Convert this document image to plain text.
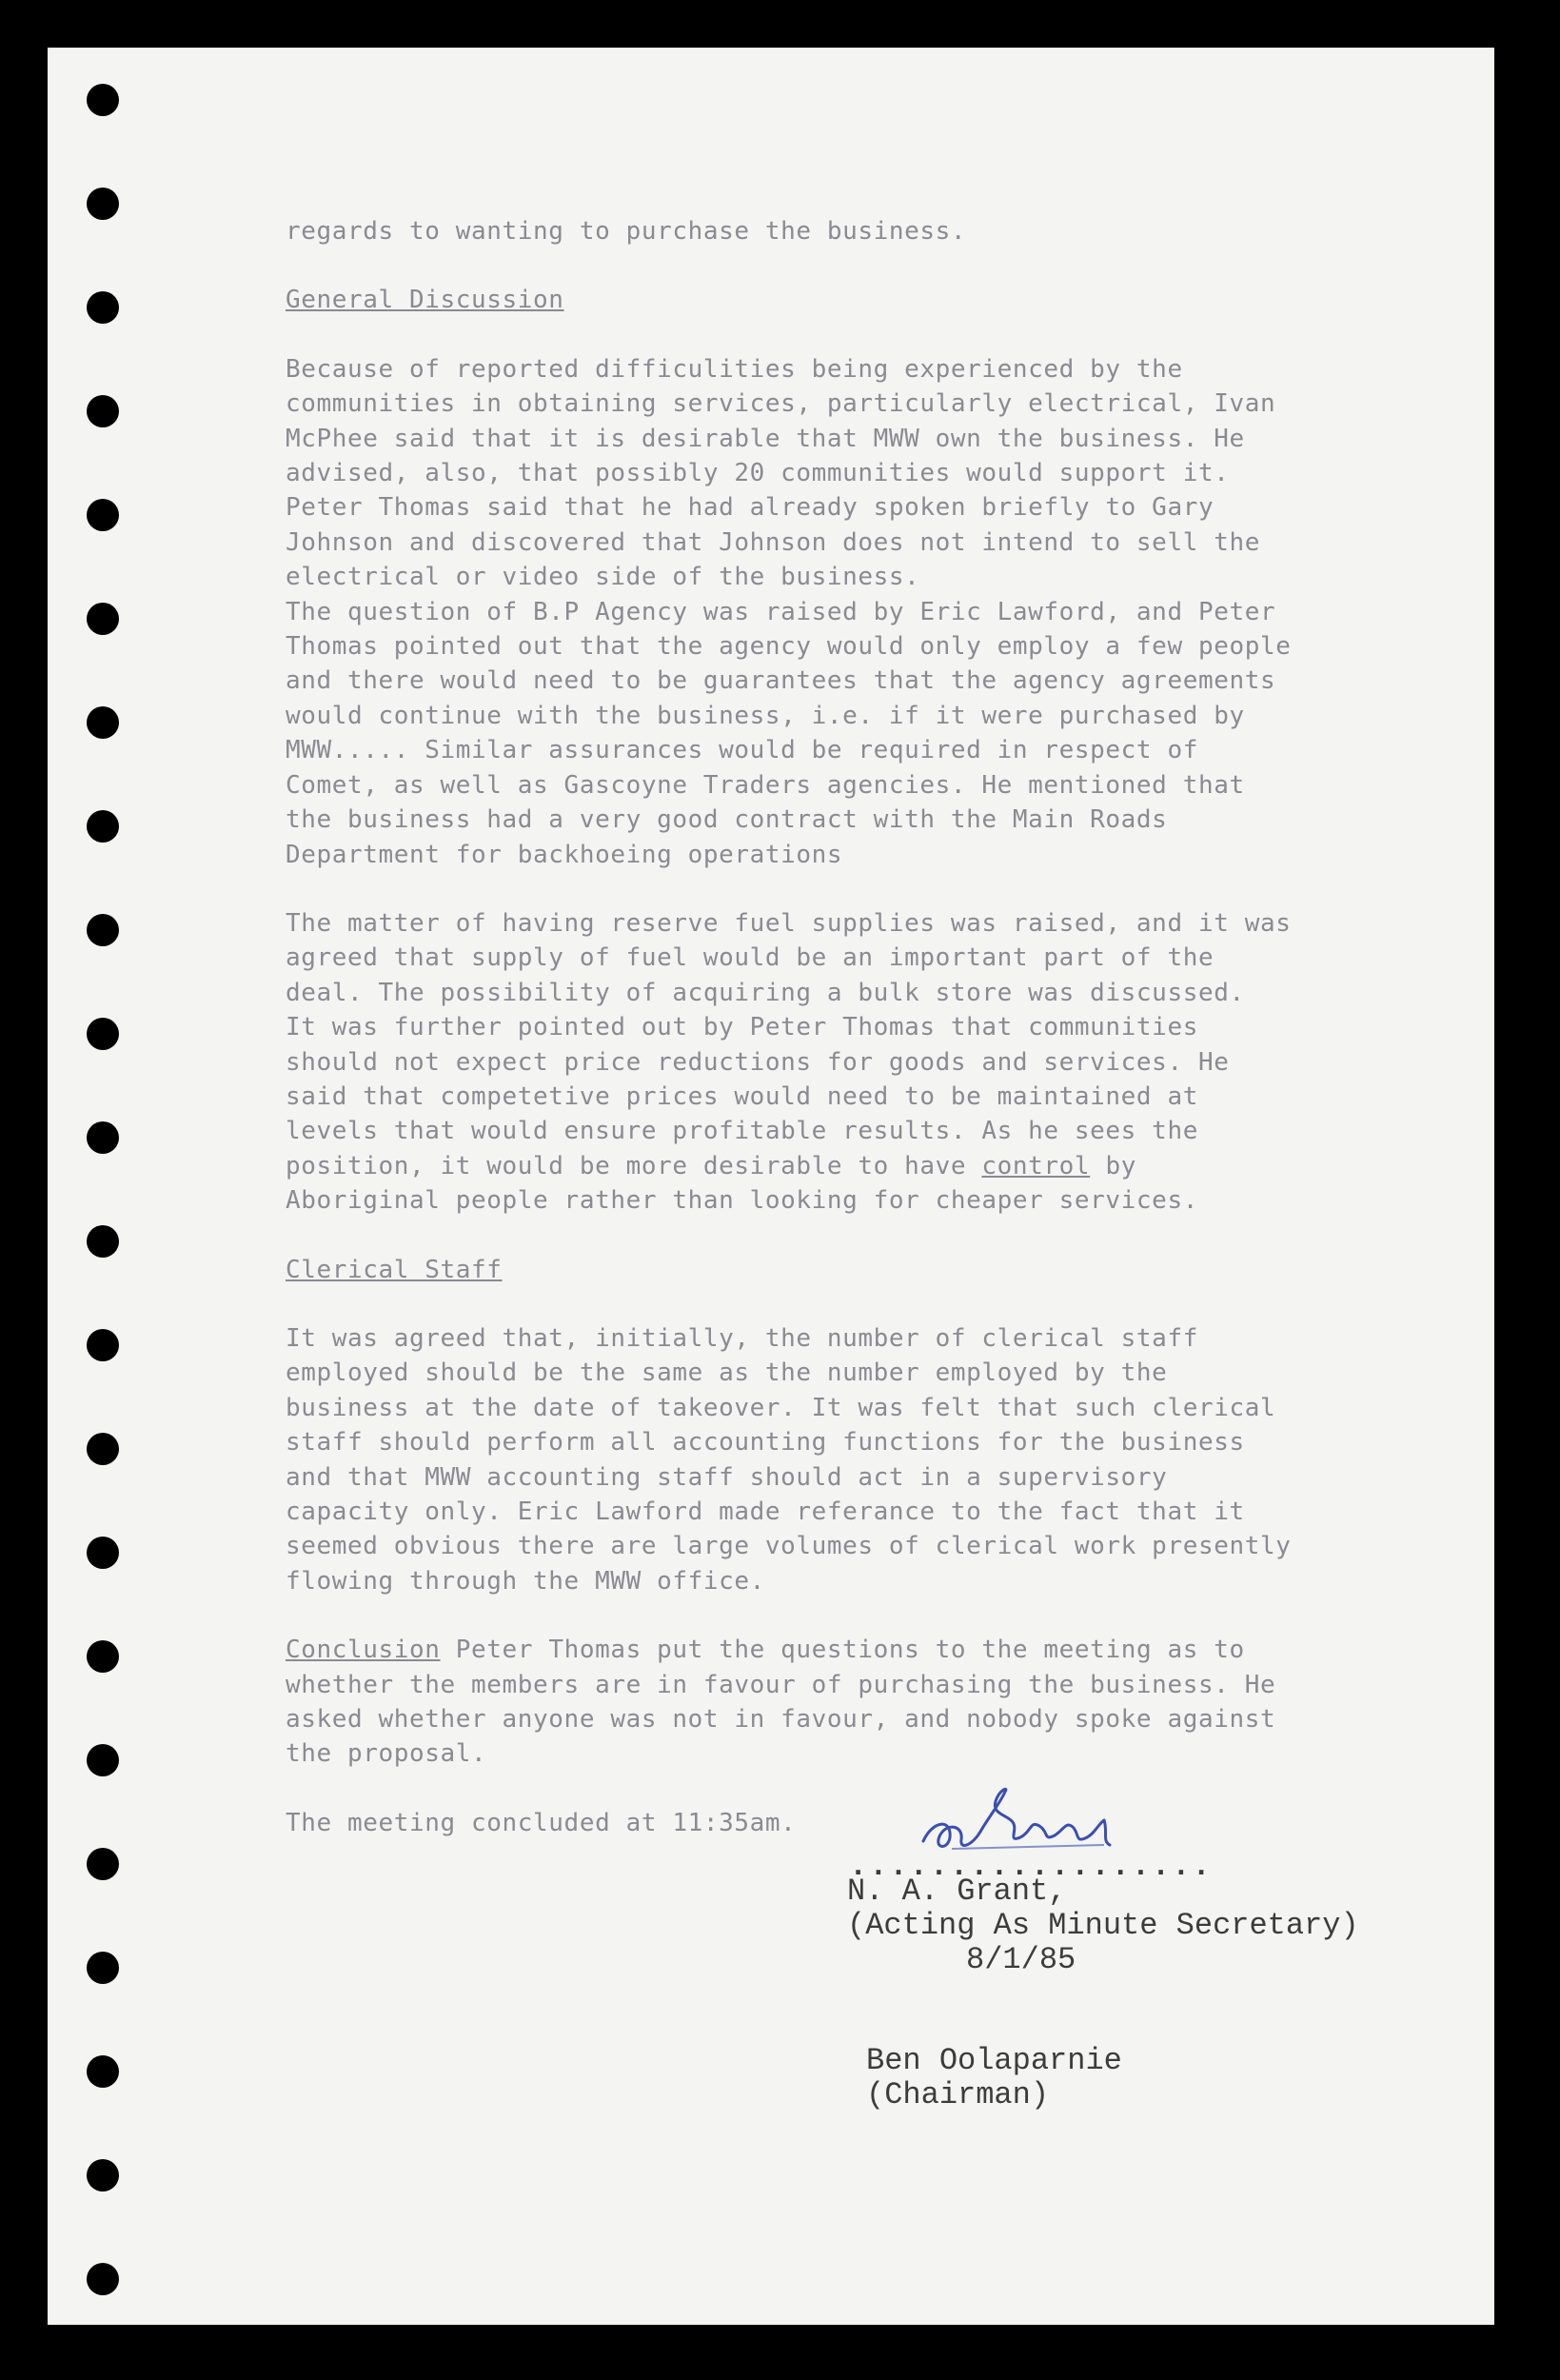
regards to wanting to purchase the business.

General Discussion

Because of reported difficulities being experienced by the
communities in obtaining services, particularly electrical, Ivan
McPhee said that it is desirable that MWW own the business. He
advised, also, that possibly 20 communities would support it.
Peter Thomas said that he had already spoken briefly to Gary
Johnson and discovered that Johnson does not intend to sell the
electrical or video side of the business.
The question of B.P Agency was raised by Eric Lawford, and Peter
Thomas pointed out that the agency would only employ a few people
and there would need to be guarantees that the agency agreements
would continue with the business, i.e. if it were purchased by
MWW..... Similar assurances would be required in respect of
Comet, as well as Gascoyne Traders agencies. He mentioned that
the business had a very good contract with the Main Roads
Department for backhoeing operations

The matter of having reserve fuel supplies was raised, and it was
agreed that supply of fuel would be an important part of the
deal. The possibility of acquiring a bulk store was discussed.
It was further pointed out by Peter Thomas that communities
should not expect price reductions for goods and services. He
said that competetive prices would need to be maintained at
levels that would ensure profitable results. As he sees the
position, it would be more desirable to have control by
Aboriginal people rather than looking for cheaper services.

Clerical Staff

It was agreed that, initially, the number of clerical staff
employed should be the same as the number employed by the
business at the date of takeover. It was felt that such clerical
staff should perform all accounting functions for the business
and that MWW accounting staff should act in a supervisory
capacity only. Eric Lawford made referance to the fact that it
seemed obvious there are large volumes of clerical work presently
flowing through the MWW office.

Conclusion Peter Thomas put the questions to the meeting as to
whether the members are in favour of purchasing the business. He
asked whether anyone was not in favour, and nobody spoke against
the proposal.

The meeting concluded at 11:35am.

..................
N. A. Grant,
(Acting As Minute Secretary)
8/1/85
Ben Oolaparnie
(Chairman)
